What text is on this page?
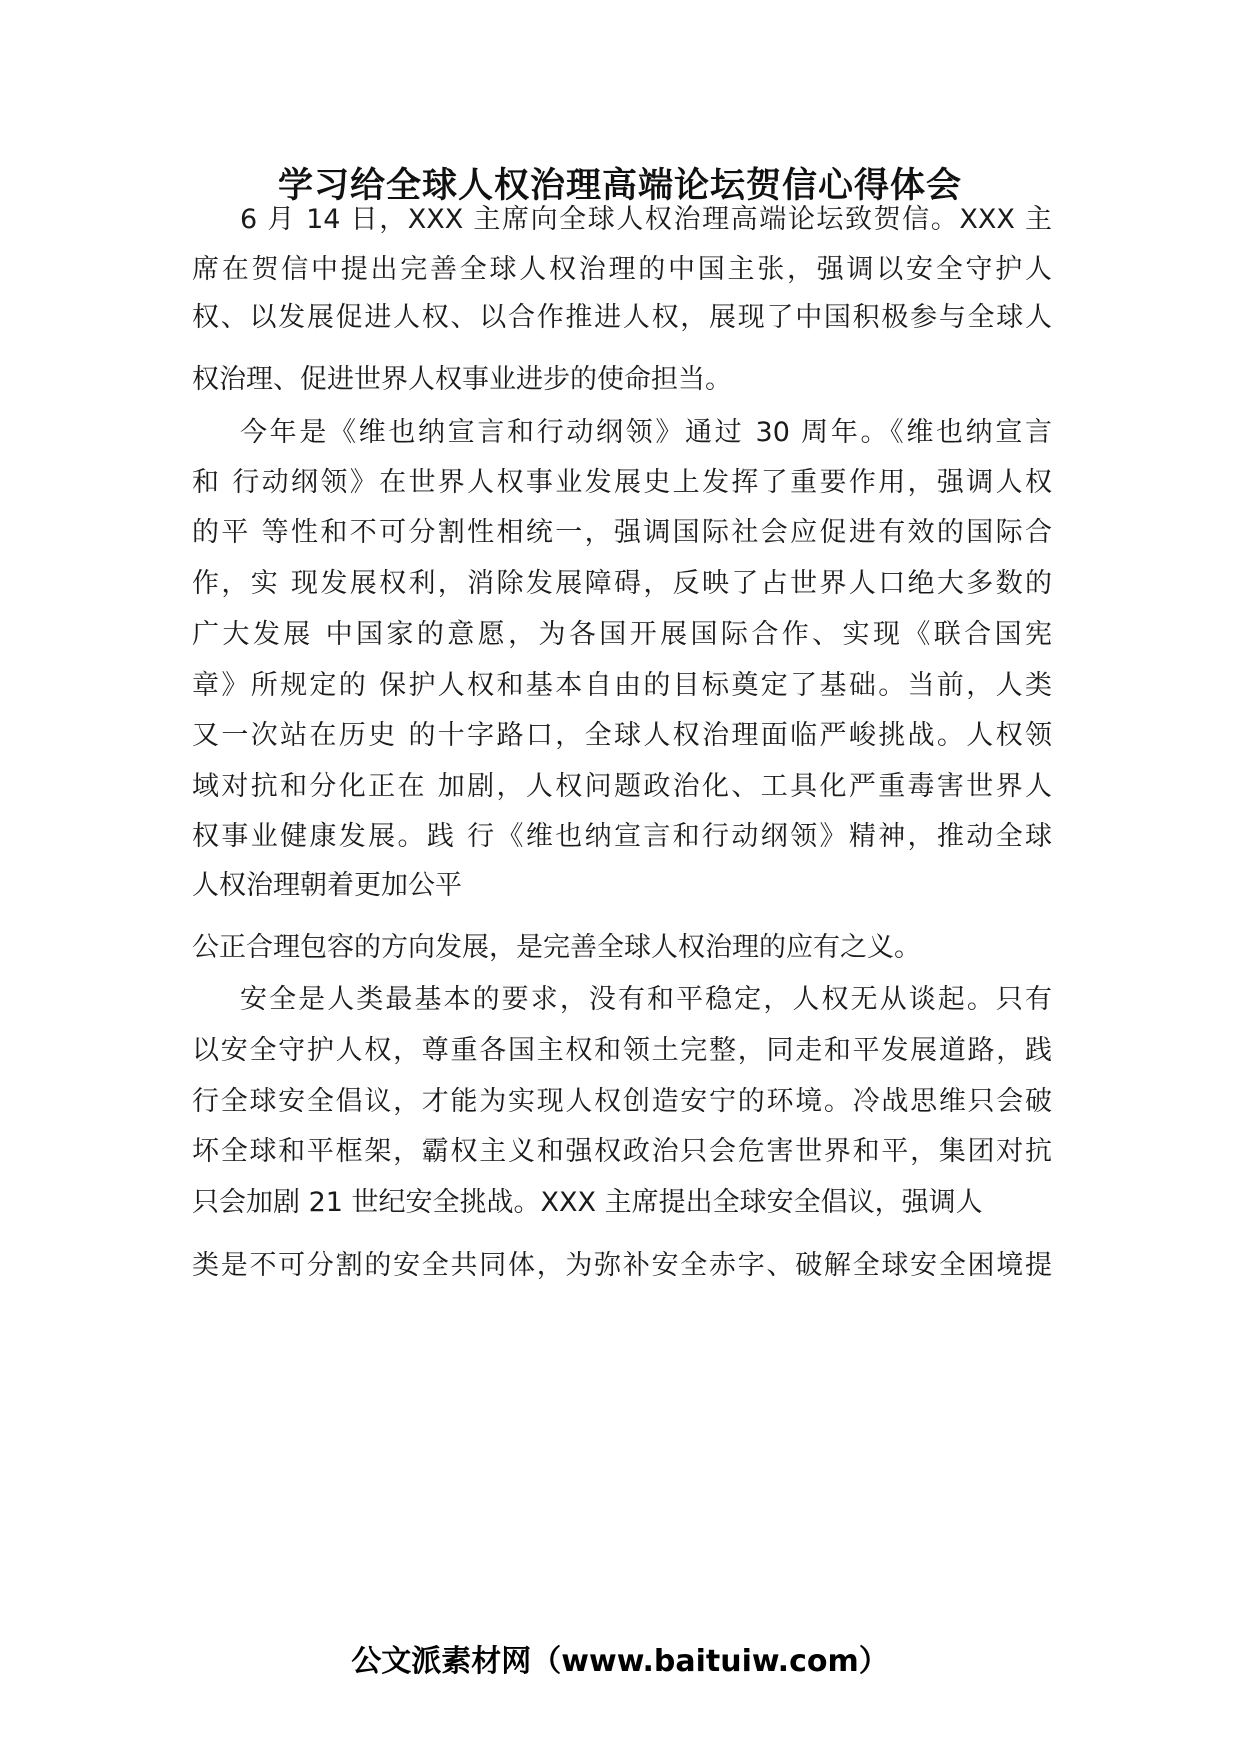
学习给全球人权治理高端论坛贺信心得体会

6 月 14 日，XXX 主席向全球人权治理高端论坛致贺信。XXX 主

席在贺信中提出完善全球人权治理的中国主张，强调以安全守护人

权、以发展促进人权、以合作推进人权，展现了中国积极参与全球人

权治理、促进世界人权事业进步的使命担当。

今年是《维也纳宣言和行动纲领》通过 30 周年。《维也纳宣言

和 行动纲领》在世界人权事业发展史上发挥了重要作用，强调人权

的平 等性和不可分割性相统一，强调国际社会应促进有效的国际合

作，实 现发展权利，消除发展障碍，反映了占世界人口绝大多数的

广大发展 中国家的意愿，为各国开展国际合作、实现《联合国宪

章》所规定的 保护人权和基本自由的目标奠定了基础。当前，人类

又一次站在历史 的十字路口，全球人权治理面临严峻挑战。人权领

域对抗和分化正在 加剧，人权问题政治化、工具化严重毒害世界人

权事业健康发展。践 行《维也纳宣言和行动纲领》精神，推动全球

人权治理朝着更加公平

公正合理包容的方向发展，是完善全球人权治理的应有之义。

安全是人类最基本的要求，没有和平稳定，人权无从谈起。只有

以安全守护人权，尊重各国主权和领土完整，同走和平发展道路，践

行全球安全倡议，才能为实现人权创造安宁的环境。冷战思维只会破

坏全球和平框架，霸权主义和强权政治只会危害世界和平，集团对抗

只会加剧 21 世纪安全挑战。XXX 主席提出全球安全倡议，强调人

类是不可分割的安全共同体，为弥补安全赤字、破解全球安全困境提

公文派素材网（www.baituiw.com）
